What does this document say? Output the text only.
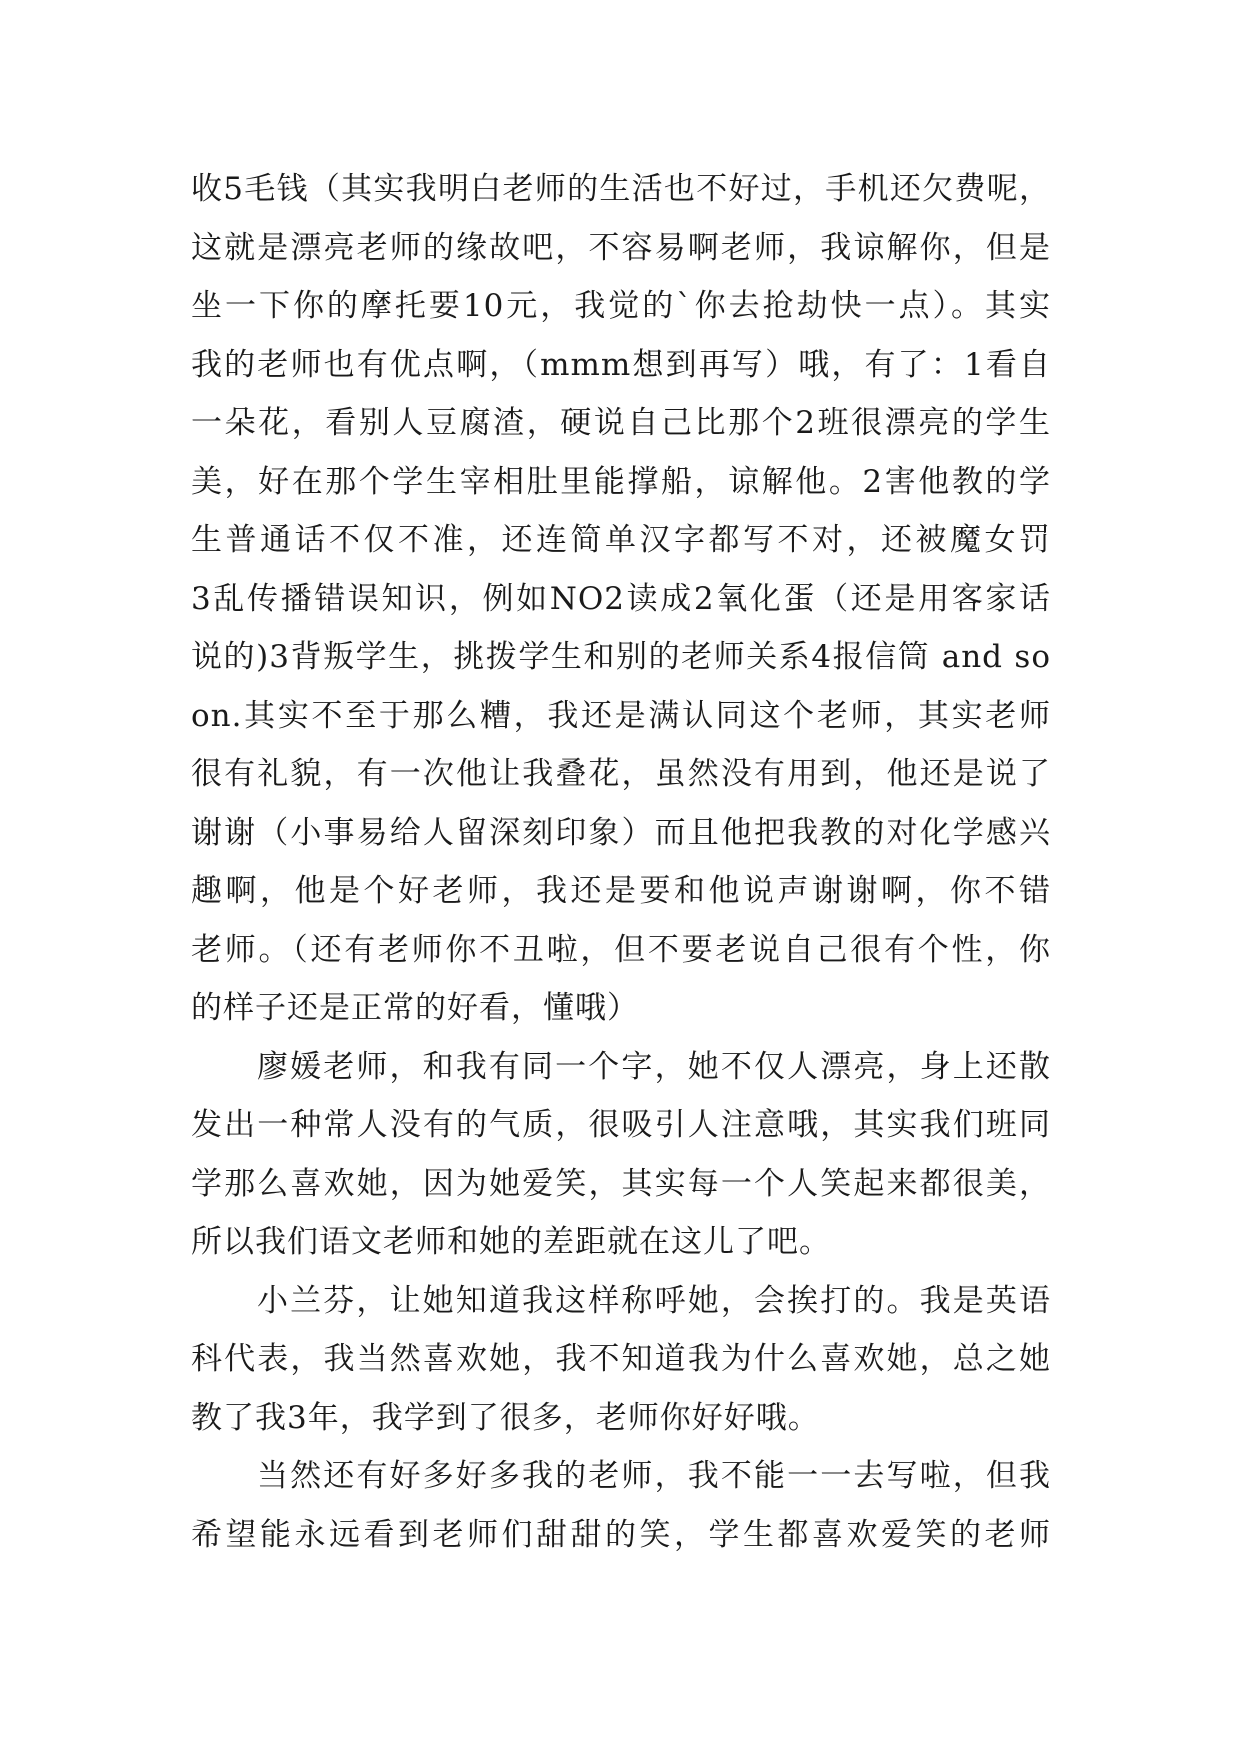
收5毛钱（其实我明白老师的生活也不好过，手机还欠费呢，
这就是漂亮老师的缘故吧，不容易啊老师，我谅解你，但是
坐一下你的摩托要10元，我觉的`你去抢劫快一点）。其实
我的老师也有优点啊，（mmm想到再写）哦，有了：1看自
一朵花，看别人豆腐渣，硬说自己比那个2班很漂亮的学生
美，好在那个学生宰相肚里能撑船，谅解他。2害他教的学
生普通话不仅不准，还连简单汉字都写不对，还被魔女罚
3乱传播错误知识，例如NO2读成2氧化蛋（还是用客家话
说的)3背叛学生，挑拨学生和别的老师关系4报信筒 and so
on.其实不至于那么糟，我还是满认同这个老师，其实老师
很有礼貌，有一次他让我叠花，虽然没有用到，他还是说了
谢谢（小事易给人留深刻印象）而且他把我教的对化学感兴
趣啊，他是个好老师，我还是要和他说声谢谢啊，你不错
老师。（还有老师你不丑啦，但不要老说自己很有个性，你
的样子还是正常的好看，懂哦）
廖媛老师，和我有同一个字，她不仅人漂亮，身上还散
发出一种常人没有的气质，很吸引人注意哦，其实我们班同
学那么喜欢她，因为她爱笑，其实每一个人笑起来都很美，
所以我们语文老师和她的差距就在这儿了吧。
小兰芬，让她知道我这样称呼她，会挨打的。我是英语
科代表，我当然喜欢她，我不知道我为什么喜欢她，总之她
教了我3年，我学到了很多，老师你好好哦。
当然还有好多好多我的老师，我不能一一去写啦，但我
希望能永远看到老师们甜甜的笑，学生都喜欢爱笑的老师
